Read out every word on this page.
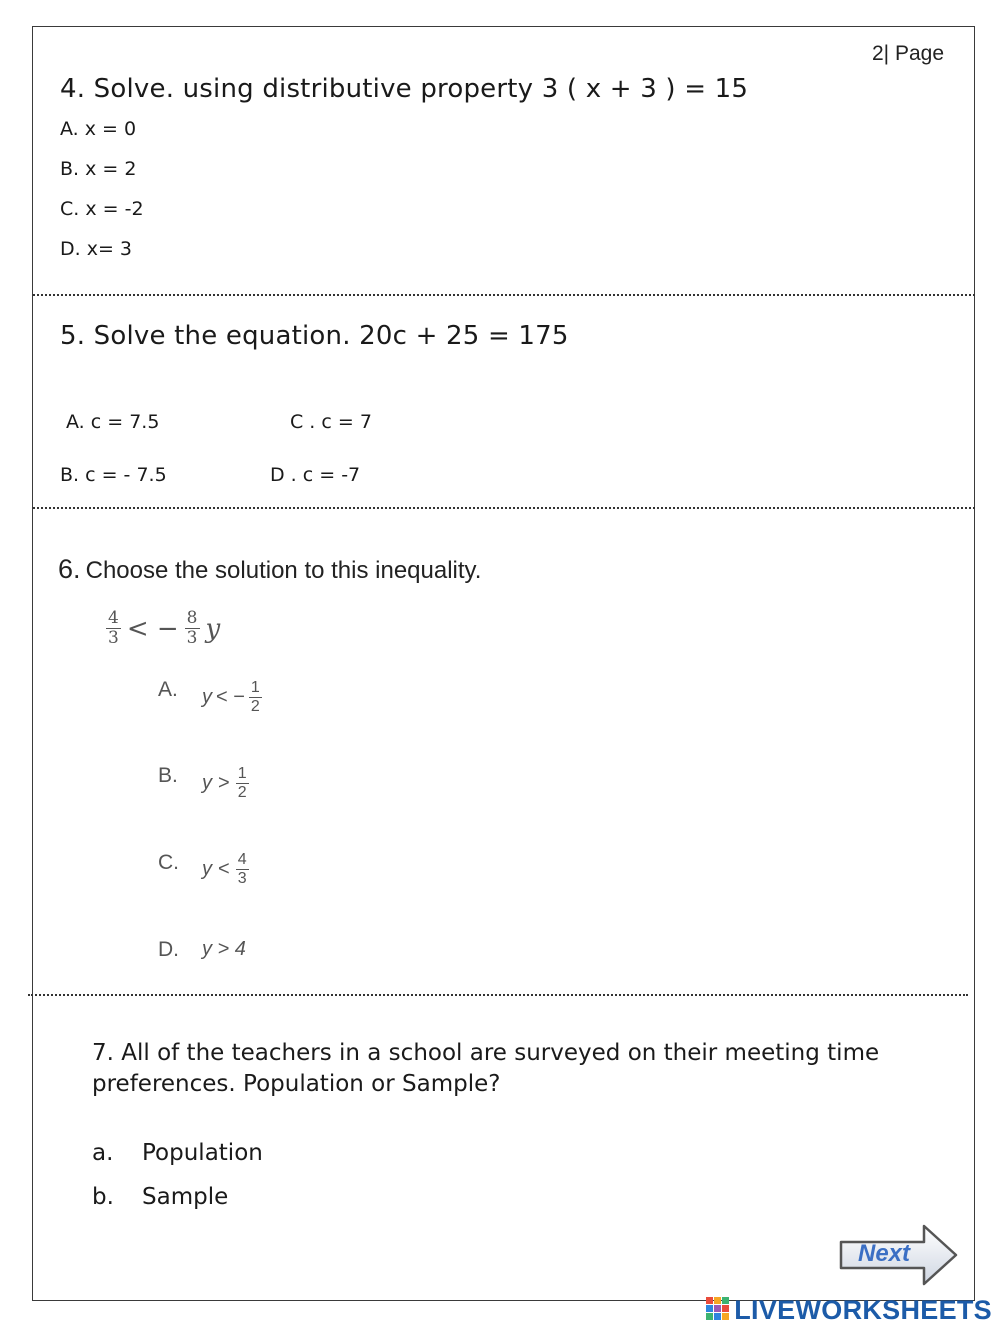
2| Page
4. Solve. using distributive property 3 ( x + 3 ) = 15
A. x = 0
B. x = 2
C. x = -2
D. x= 3
5. Solve the equation. 20c + 25 = 175
A. c = 7.5	C . c = 7
B. c = - 7.5	D . c = -7
6. Choose the solution to this inequality.
$\frac{4}{3}$ < − $\frac{8}{3}$ y
A. y < − $\frac{1}{2}$
B. $y > \frac{1}{2}$
C. $y < \frac{4}{3}$
D. y > 4
7. All of the teachers in a school are surveyed on their meeting time
preferences. Population or Sample?
a. Population
b. Sample
Next
LIVEWORKSHEETS
